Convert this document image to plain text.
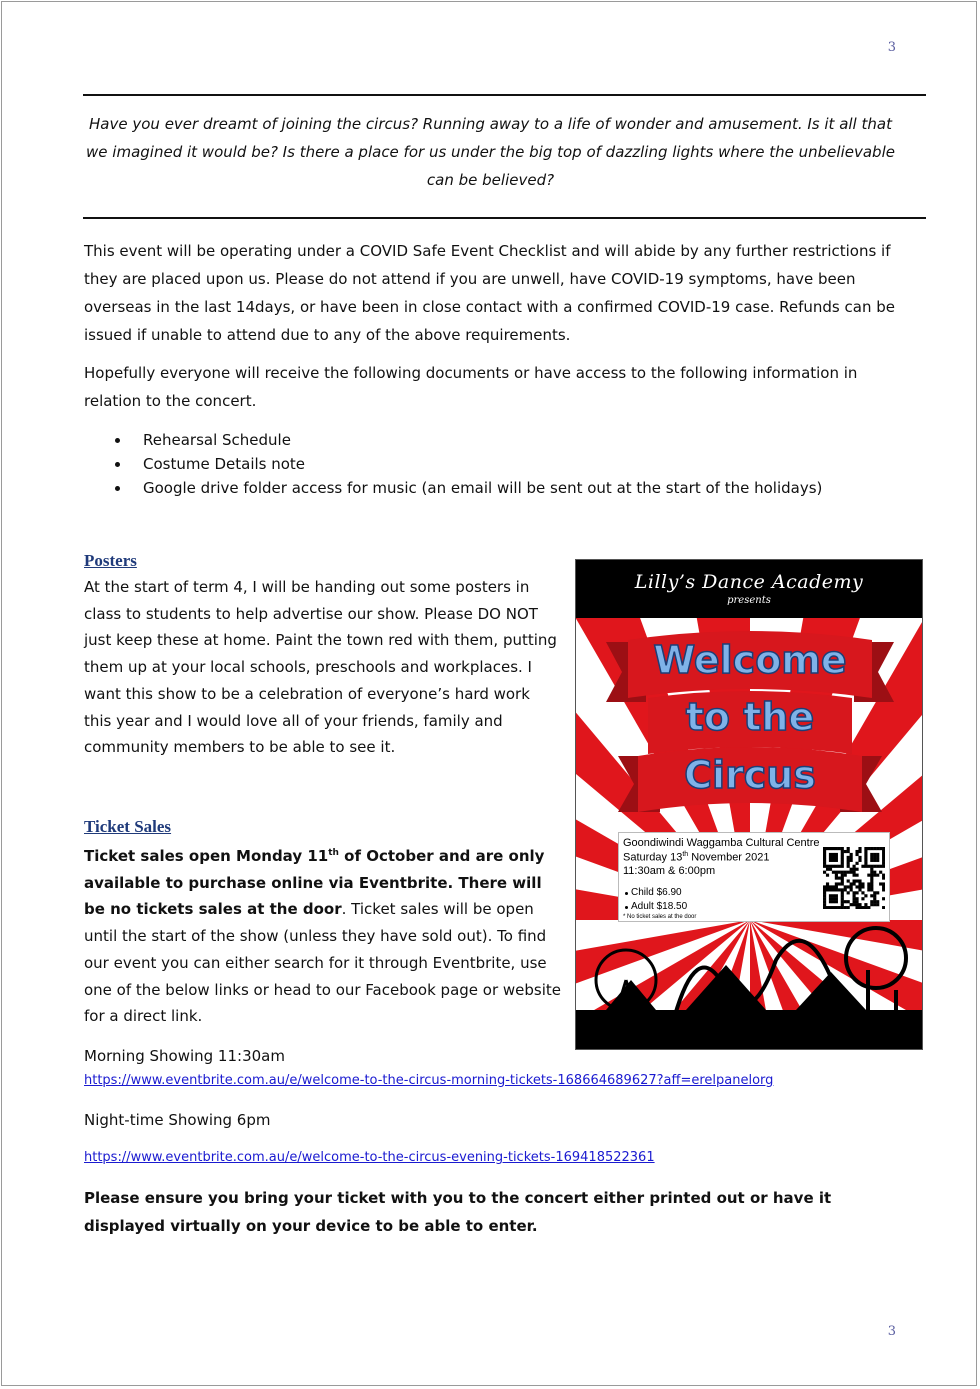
3
Have you ever dreamt of joining the circus? Running away to a life of wonder and amusement. Is it all that we imagined it would be? Is there a place for us under the big top of dazzling lights where the unbelievable can be believed?
This event will be operating under a COVID Safe Event Checklist and will abide by any further restrictions if they are placed upon us. Please do not attend if you are unwell, have COVID-19 symptoms, have been overseas in the last 14days, or have been in close contact with a confirmed COVID-19 case. Refunds can be issued if unable to attend due to any of the above requirements.
Hopefully everyone will receive the following documents or have access to the following information in relation to the concert.
Rehearsal Schedule
Costume Details note
Google drive folder access for music (an email will be sent out at the start of the holidays)
Posters
At the start of term 4, I will be handing out some posters in class to students to help advertise our show. Please DO NOT just keep these at home. Paint the town red with them, putting them up at your local schools, preschools and workplaces. I want this show to be a celebration of everyone’s hard work this year and I would love all of your friends, family and community members to be able to see it.
Ticket Sales
Ticket sales open Monday 11th of October and are only available to purchase online via Eventbrite. There will be no tickets sales at the door. Ticket sales will be open until the start of the show (unless they have sold out). To find our event you can either search for it through Eventbrite, use one of the below links or head to our Facebook page or website for a direct link.
Morning Showing 11:30am
https://www.eventbrite.com.au/e/welcome-to-the-circus-morning-tickets-168664689627?aff=erelpanelorg
Night-time Showing 6pm
https://www.eventbrite.com.au/e/welcome-to-the-circus-evening-tickets-169418522361
Please ensure you bring your ticket with you to the concert either printed out or have it displayed virtually on your device to be able to enter.
Lilly’s Dance Academy
presents
Welcome
to the
Circus
Goondiwindi Waggamba Cultural Centre
Saturday 13th November 2021
11:30am & 6:00pm
Child $6.90
Adult $18.50
* No ticket sales at the door
3
